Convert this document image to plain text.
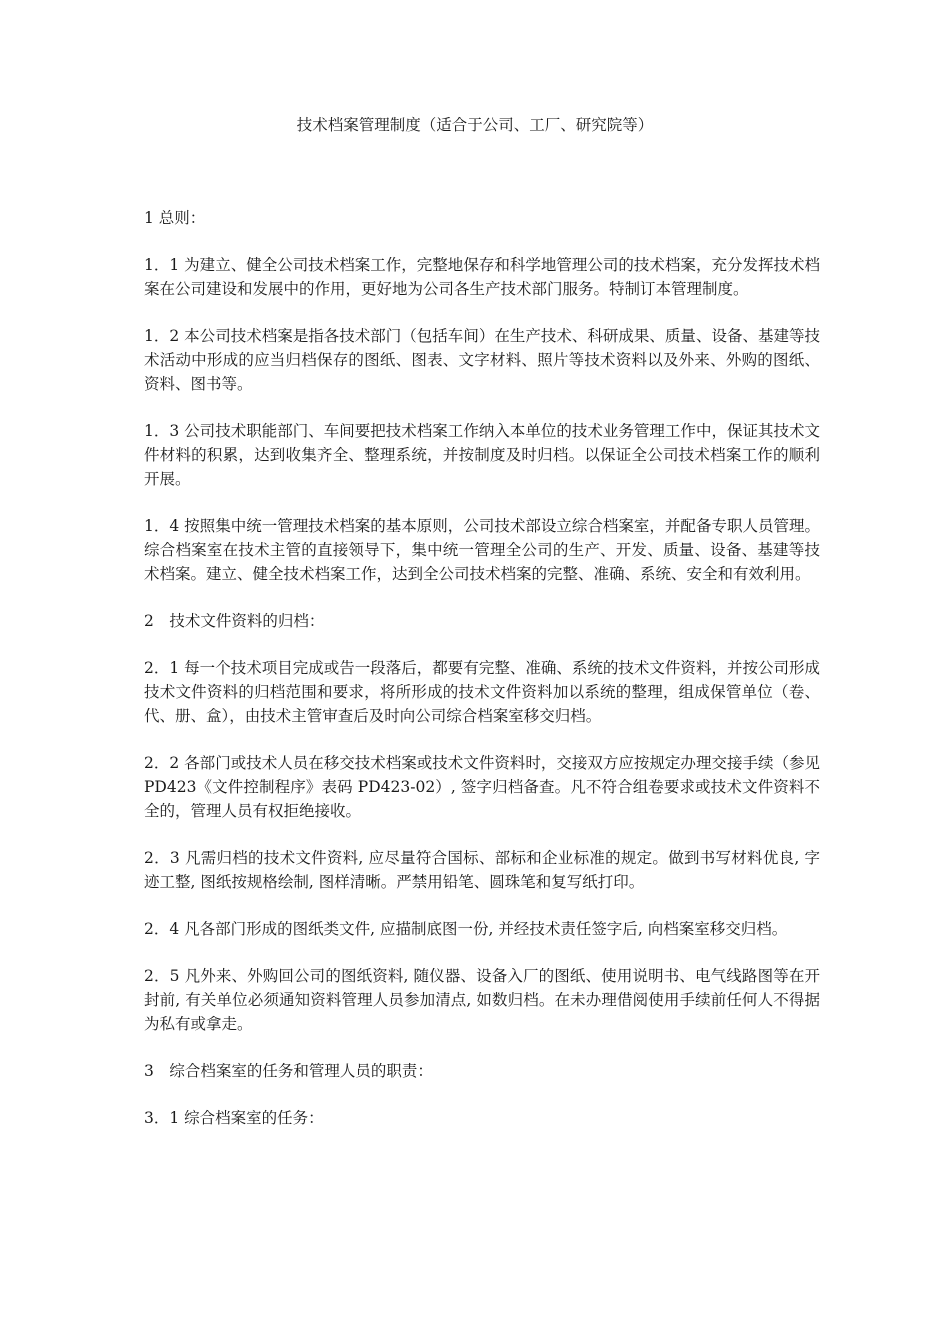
技术档案管理制度（适合于公司、工厂、研究院等）

1 总则：

1．1 为建立、健全公司技术档案工作，完整地保存和科学地管理公司的技术档案，充分发挥技术档案在公司建设和发展中的作用，更好地为公司各生产技术部门服务。特制订本管理制度。

1．2 本公司技术档案是指各技术部门（包括车间）在生产技术、科研成果、质量、设备、基建等技术活动中形成的应当归档保存的图纸、图表、文字材料、照片等技术资料以及外来、外购的图纸、资料、图书等。

1．3 公司技术职能部门、车间要把技术档案工作纳入本单位的技术业务管理工作中，保证其技术文件材料的积累，达到收集齐全、整理系统，并按制度及时归档。以保证全公司技术档案工作的顺利开展。

1．4 按照集中统一管理技术档案的基本原则，公司技术部设立综合档案室，并配备专职人员管理。综合档案室在技术主管的直接领导下，集中统一管理全公司的生产、开发、质量、设备、基建等技术档案。建立、健全技术档案工作，达到全公司技术档案的完整、准确、系统、安全和有效利用。

2　技术文件资料的归档：

2．1 每一个技术项目完成或告一段落后，都要有完整、准确、系统的技术文件资料，并按公司形成技术文件资料的归档范围和要求，将所形成的技术文件资料加以系统的整理，组成保管单位（卷、代、册、盒），由技术主管审查后及时向公司综合档案室移交归档。

2．2 各部门或技术人员在移交技术档案或技术文件资料时，交接双方应按规定办理交接手续（参见 PD423《文件控制程序》表码 PD423-02）, 签字归档备查。凡不符合组卷要求或技术文件资料不全的，管理人员有权拒绝接收。

2．3 凡需归档的技术文件资料, 应尽量符合国标、部标和企业标准的规定。做到书写材料优良, 字迹工整, 图纸按规格绘制, 图样清晰。严禁用铅笔、圆珠笔和复写纸打印。

2．4 凡各部门形成的图纸类文件, 应描制底图一份, 并经技术责任签字后, 向档案室移交归档。

2．5 凡外来、外购回公司的图纸资料, 随仪器、设备入厂的图纸、使用说明书、电气线路图等在开封前, 有关单位必须通知资料管理人员参加清点, 如数归档。在未办理借阅使用手续前任何人不得据为私有或拿走。

3　综合档案室的任务和管理人员的职责：

3．1 综合档案室的任务：
